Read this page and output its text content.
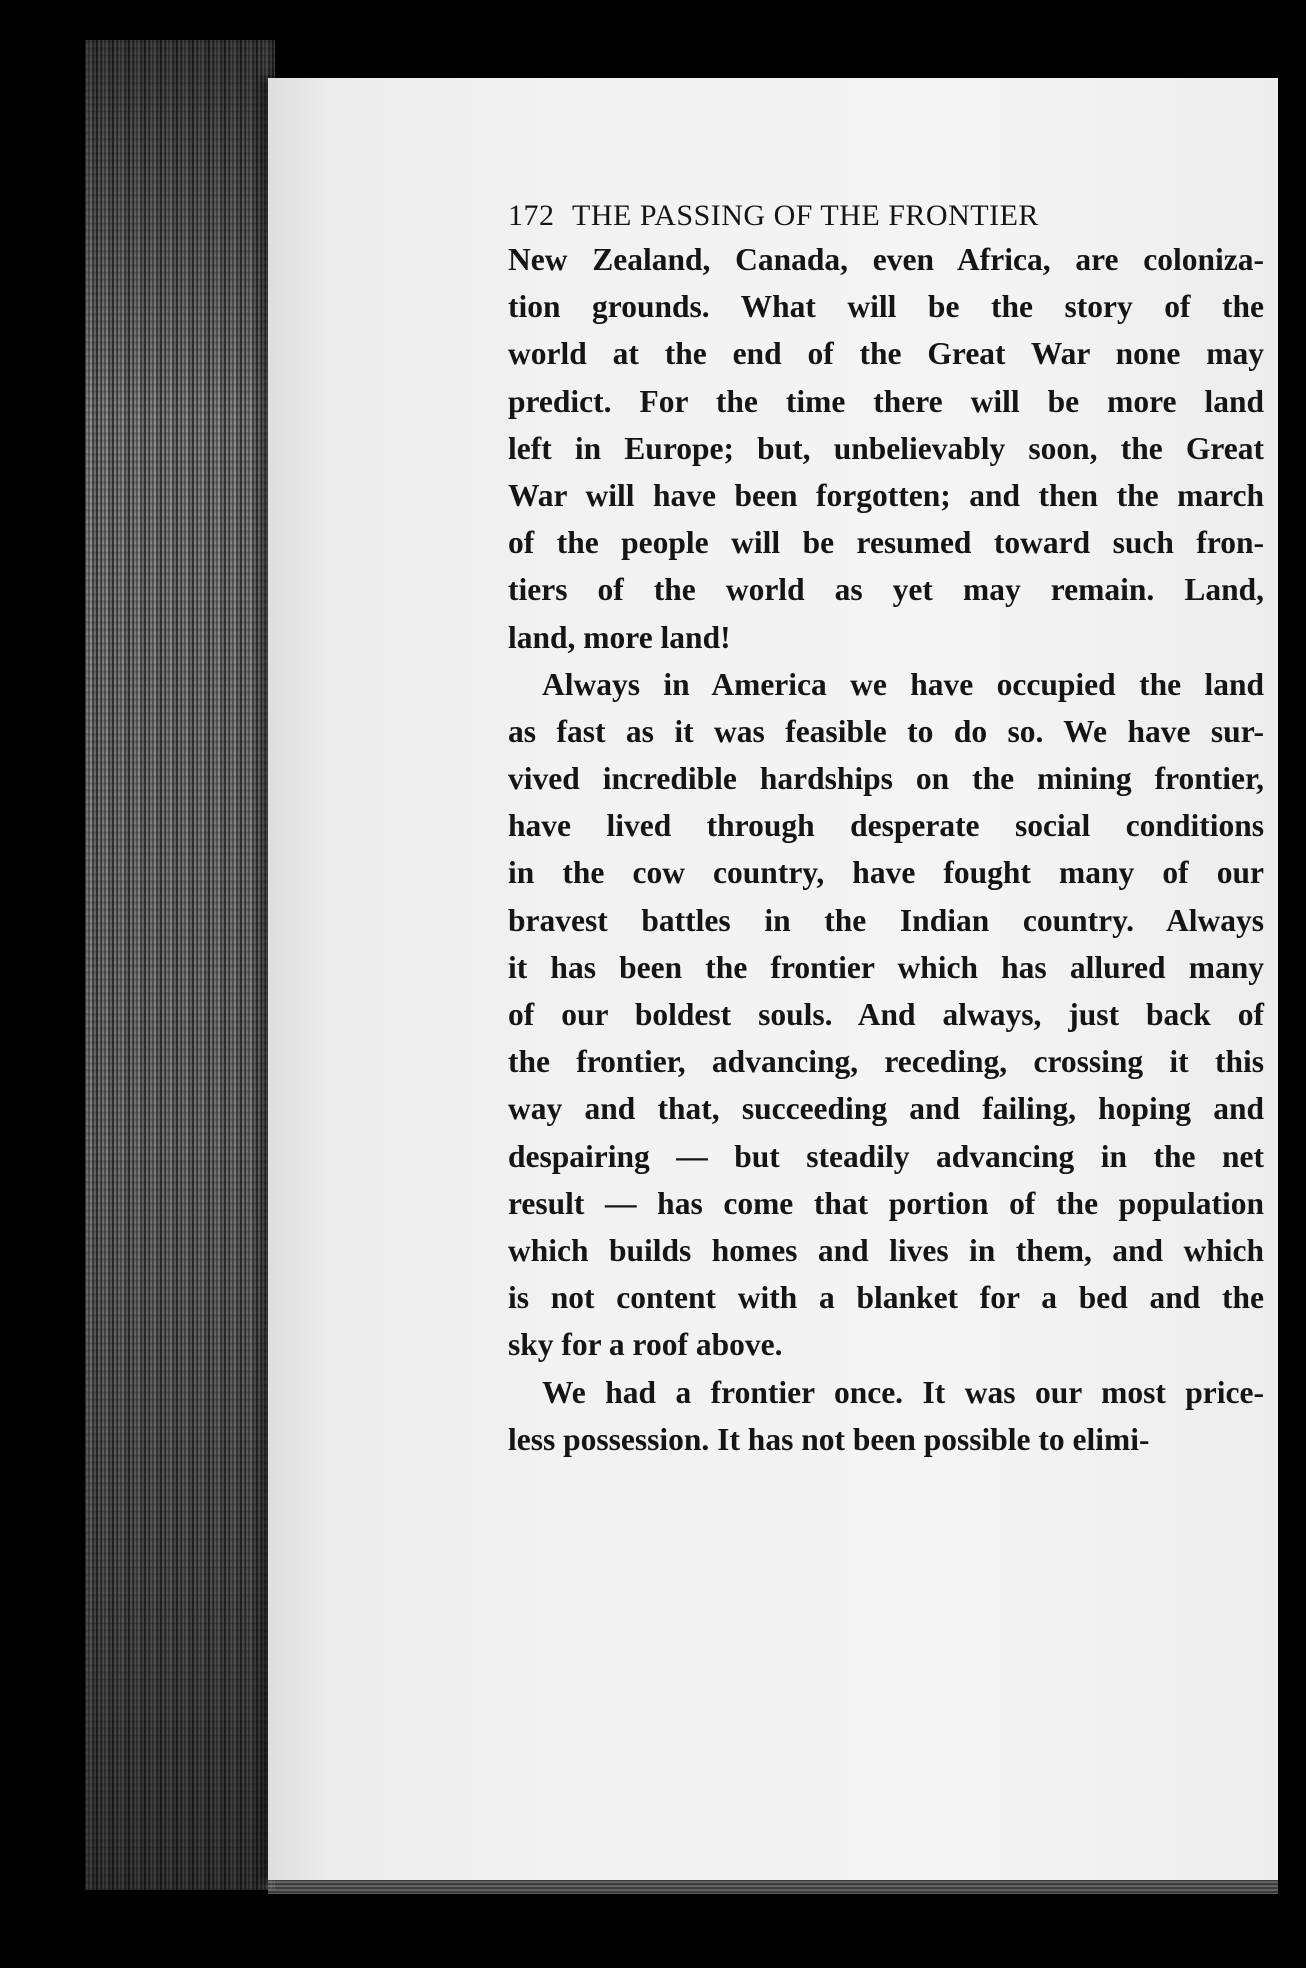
172 THE PASSING OF THE FRONTIER
New Zealand, Canada, even Africa, are coloniza-
tion grounds. What will be the story of the
world at the end of the Great War none may
predict. For the time there will be more land
left in Europe; but, unbelievably soon, the Great
War will have been forgotten; and then the march
of the people will be resumed toward such fron-
tiers of the world as yet may remain. Land,
land, more land!
Always in America we have occupied the land
as fast as it was feasible to do so. We have sur-
vived incredible hardships on the mining frontier,
have lived through desperate social conditions
in the cow country, have fought many of our
bravest battles in the Indian country. Always
it has been the frontier which has allured many
of our boldest souls. And always, just back of
the frontier, advancing, receding, crossing it this
way and that, succeeding and failing, hoping and
despairing — but steadily advancing in the net
result — has come that portion of the population
which builds homes and lives in them, and which
is not content with a blanket for a bed and the
sky for a roof above.
We had a frontier once. It was our most price-
less possession. It has not been possible to elimi-
